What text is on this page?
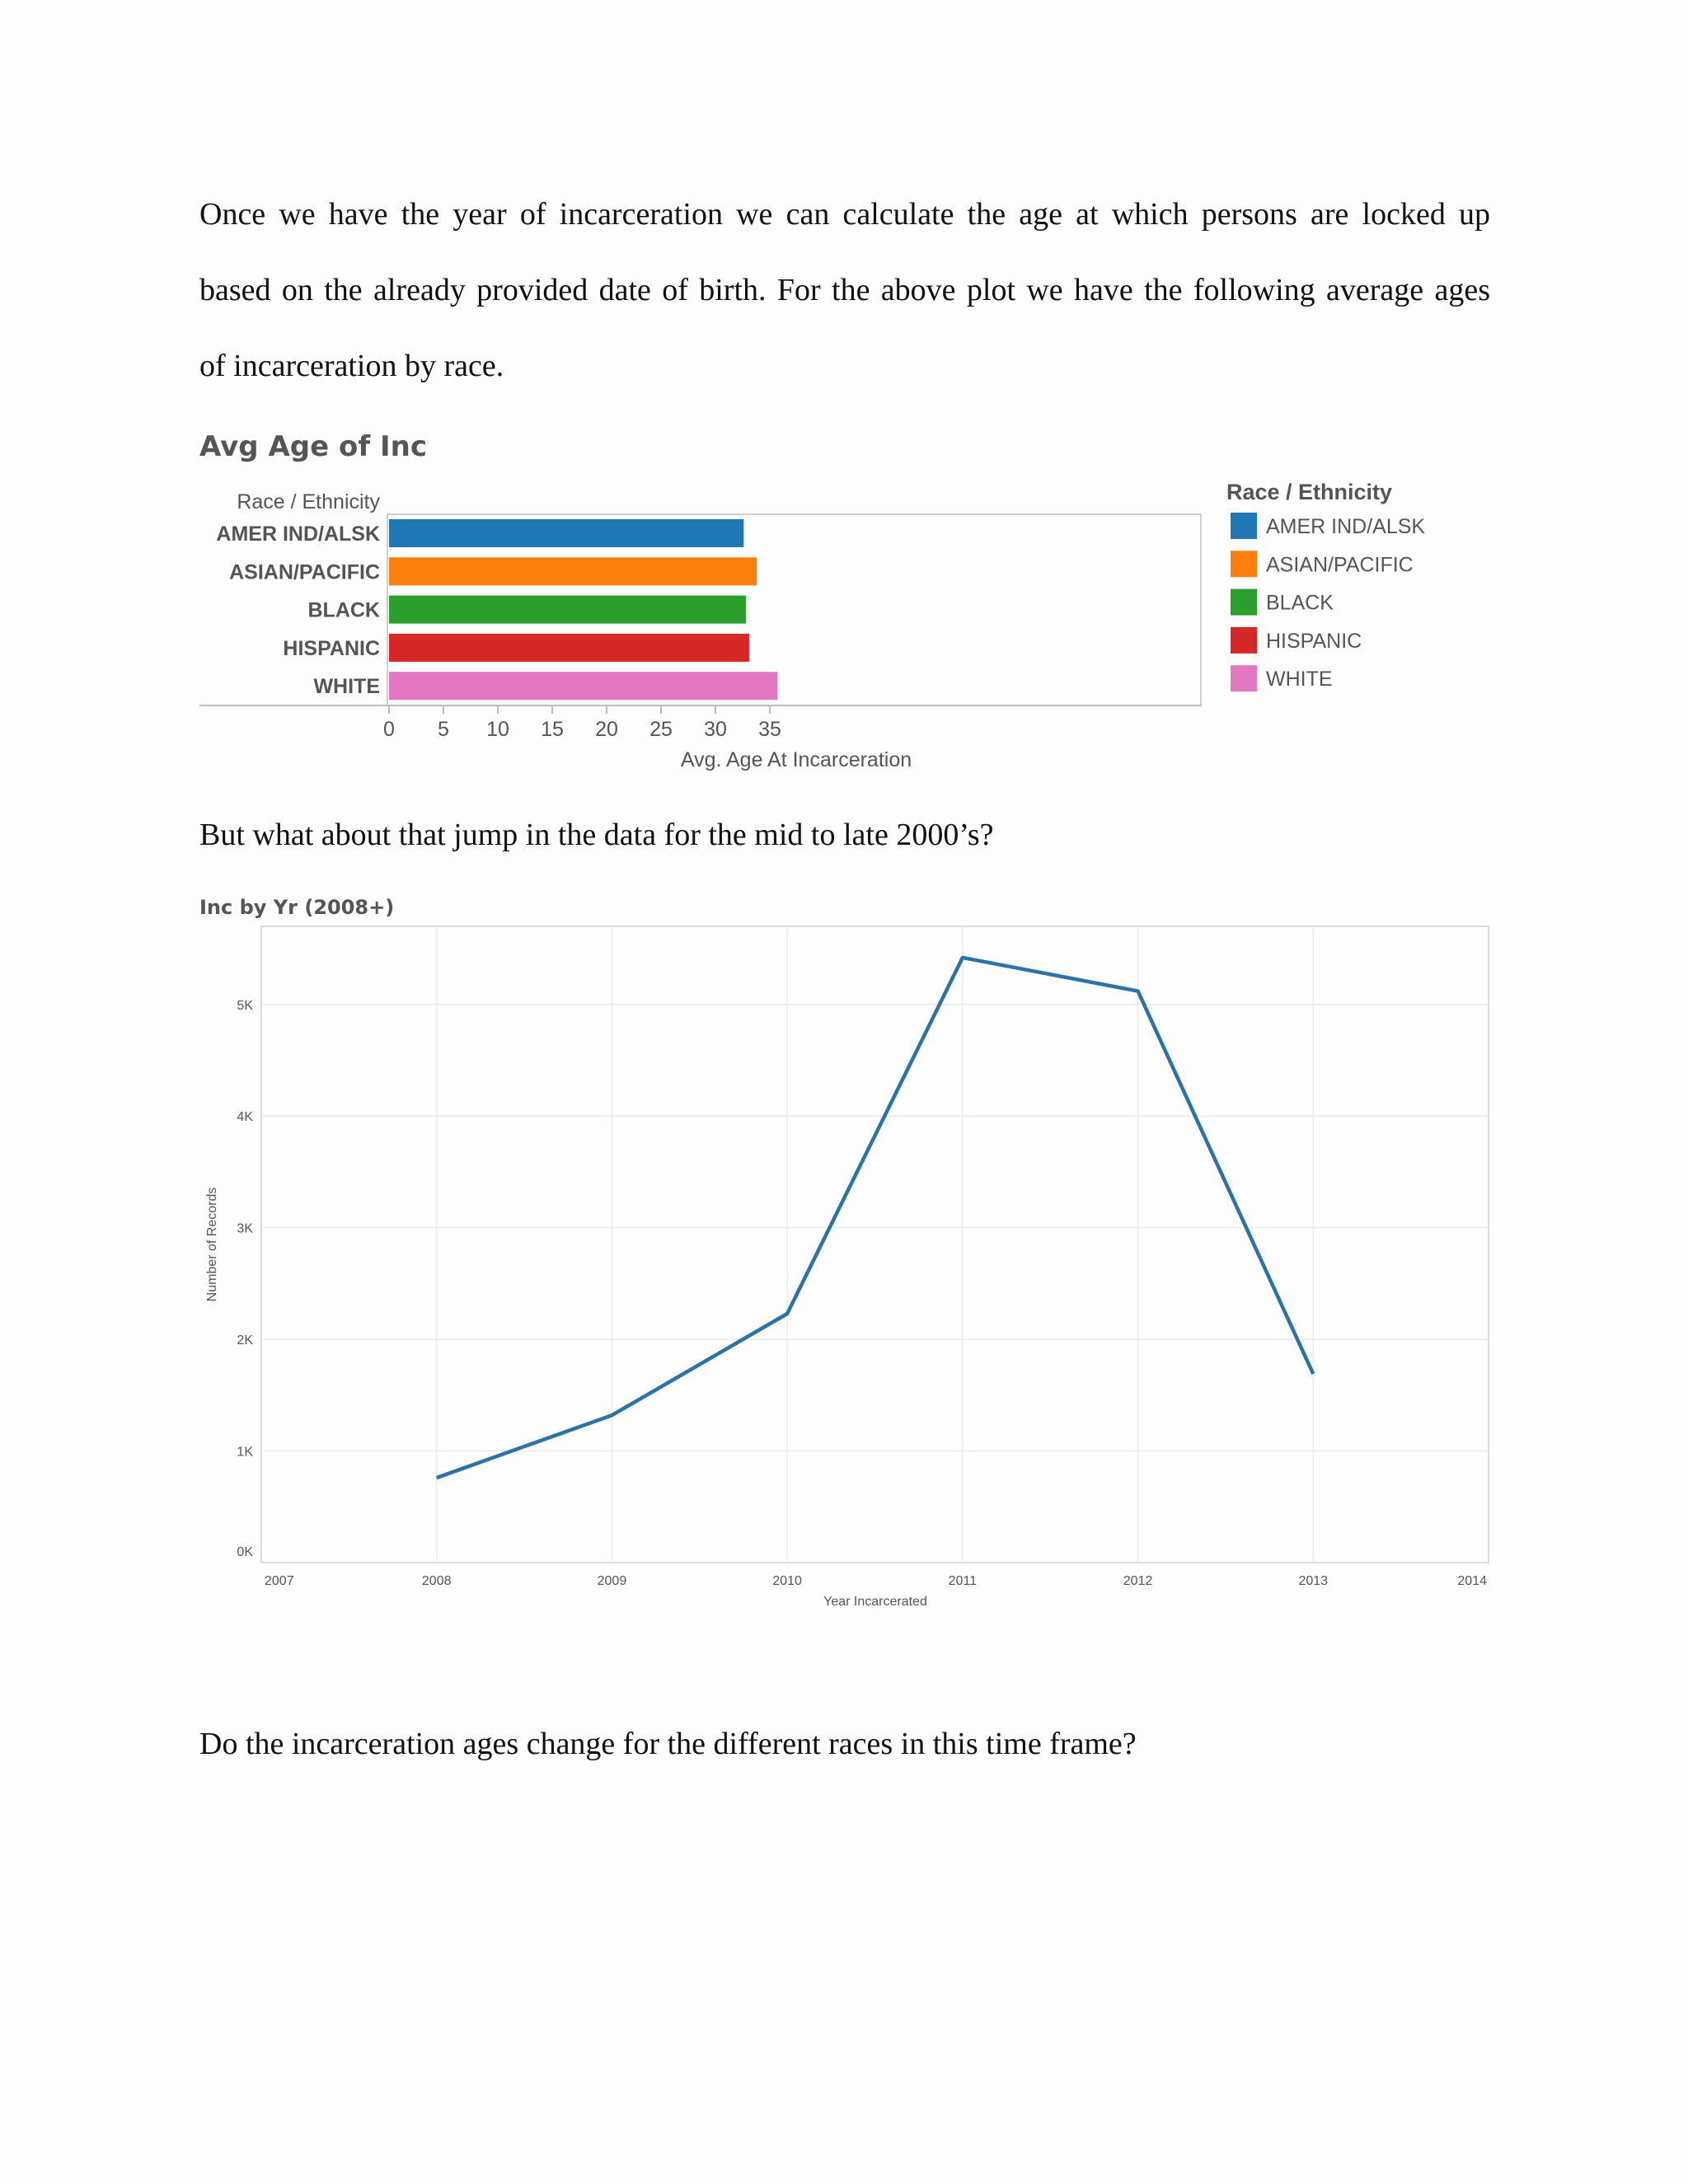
Once we have the year of incarceration we can calculate the age at which persons are locked up

based on the already provided date of birth. For the above plot we have the following average ages

of incarceration by race.

Avg Age of Inc
Race / Ethnicity
AMER IND/ALSK
ASIAN/PACIFIC
BLACK
HISPANIC
WHITE
0 5 10 15 20 25 30 35
Avg. Age At Incarceration
Race / Ethnicity
AMER IND/ALSK
ASIAN/PACIFIC
BLACK
HISPANIC
WHITE

But what about that jump in the data for the mid to late 2000’s?

Inc by Yr (2008+)
0K
1K
2K
3K
4K
5K
2007	2008	2009	2010	2011	2012	2013	2014
Year Incarcerated
Number of Records

Do the incarceration ages change for the different races in this time frame?
